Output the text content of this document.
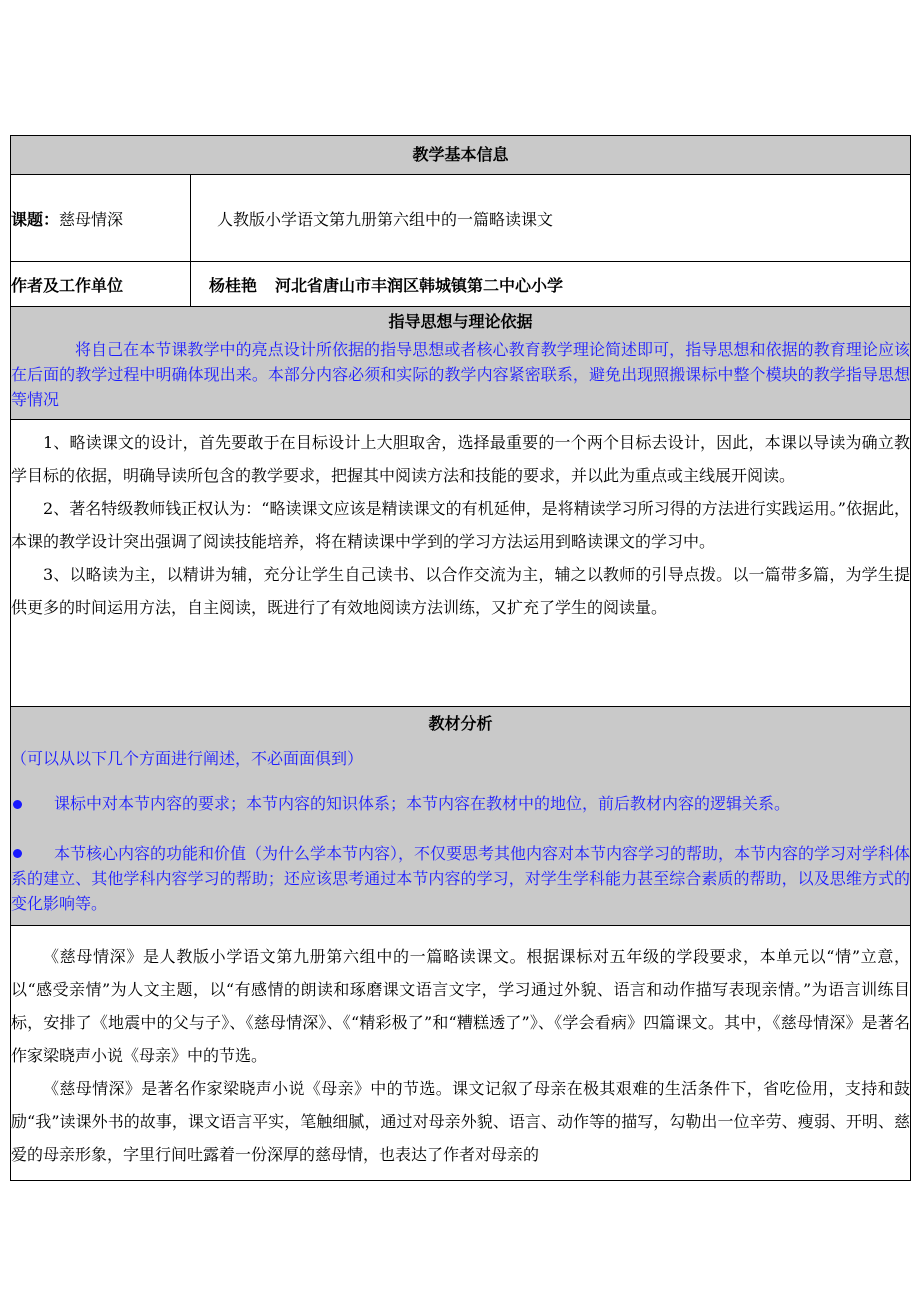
教学基本信息	
课题：慈母情深	人教版小学语文第九册第六组中的一篇略读课文
作者及工作单位	杨桂艳 河北省唐山市丰润区韩城镇第二中心小学

指导思想与理论依据
将自己在本节课教学中的亮点设计所依据的指导思想或者核心教育教学理论简述即可，指导思想和依据的教育理论应该在后面的教学过程中明确体现出来。本部分内容必须和实际的教学内容紧密联系，避免出现照搬课标中整个模块的教学指导思想等情况	

1、略读课文的设计，首先要敢于在目标设计上大胆取舍，选择最重要的一个两个目标去设计，因此，本课以导读为确立教学目标的依据，明确导读所包含的教学要求，把握其中阅读方法和技能的要求，并以此为重点或主线展开阅读。

2、著名特级教师钱正权认为：“略读课文应该是精读课文的有机延伸，是将精读学习所习得的方法进行实践运用。”依据此，本课的教学设计突出强调了阅读技能培养，将在精读课中学到的学习方法运用到略读课文的学习中。

3、以略读为主，以精讲为辅，充分让学生自己读书、以合作交流为主，辅之以教师的引导点拨。以一篇带多篇，为学生提供更多的时间运用方法，自主阅读，既进行了有效地阅读方法训练，又扩充了学生的阅读量。	

教材分析
（可以从以下几个方面进行阐述，不必面面俱到）
课标中对本节内容的要求；本节内容的知识体系；本节内容在教材中的地位，前后教材内容的逻辑关系。
本节核心内容的功能和价值（为什么学本节内容），不仅要思考其他内容对本节内容学习的帮助，本节内容的学习对学科体系的建立、其他学科内容学习的帮助；还应该思考通过本节内容的学习，对学生学科能力甚至综合素质的帮助，以及思维方式的变化影响等。	

《慈母情深》是人教版小学语文第九册第六组中的一篇略读课文。根据课标对五年级的学段要求，本单元以“情”立意，以“感受亲情”为人文主题，以“有感情的朗读和琢磨课文语言文字，学习通过外貌、语言和动作描写表现亲情。”为语言训练目标，安排了《地震中的父与子》、《慈母情深》、《“精彩极了”和“糟糕透了”》、《学会看病》四篇课文。其中，《慈母情深》是著名作家梁晓声小说《母亲》中的节选。

《慈母情深》是著名作家梁晓声小说《母亲》中的节选。课文记叙了母亲在极其艰难的生活条件下，省吃俭用，支持和鼓励“我”读课外书的故事，课文语言平实，笔触细腻，通过对母亲外貌、语言、动作等的描写，勾勒出一位辛劳、瘦弱、开明、慈爱的母亲形象，字里行间吐露着一份深厚的慈母情，也表达了作者对母亲的	
